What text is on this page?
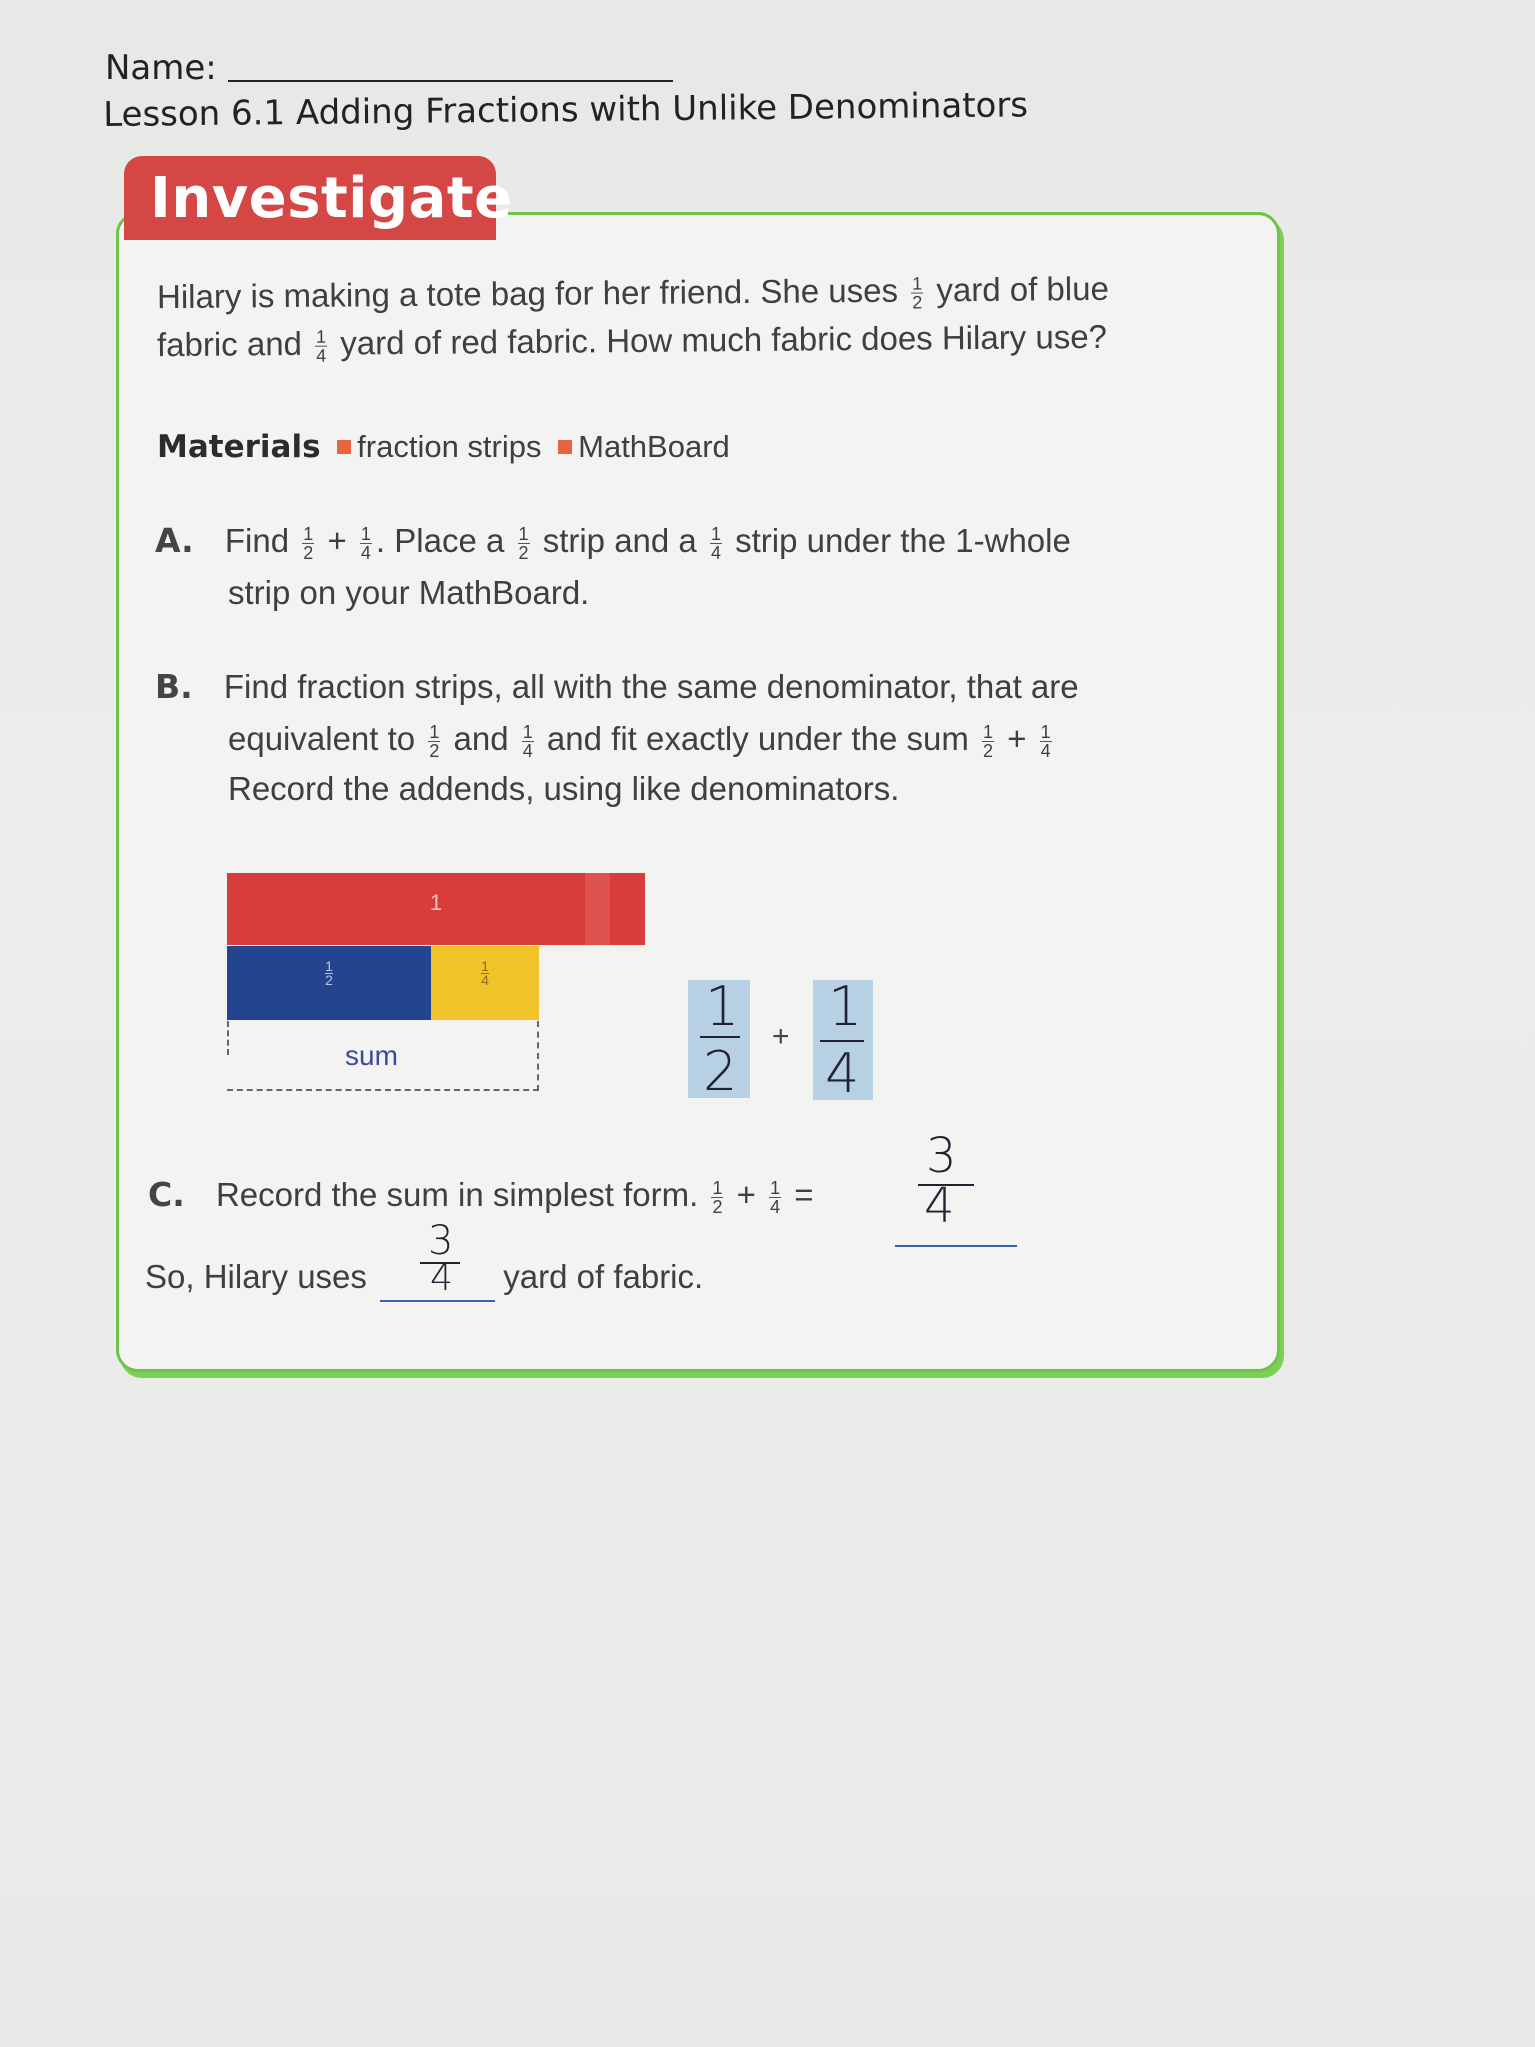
Name:
Lesson 6.1 Adding Fractions with Unlike Denominators
Investigate
Hilary is making a tote bag for her friend. She uses $\frac{1}{2}$ yard of blue
fabric and $\frac{1}{4}$ yard of red fabric. How much fabric does Hilary use?
Materials fraction strips MathBoard
A. Find $\frac{1}{2} + \frac{1}{4}$ . Place a $\frac{1}{2}$ strip and a $\frac{1}{4}$ strip under the 1-whole
strip on your MathBoard.
B. Find fraction strips, all with the same denominator, that are
equivalent to $\frac{1}{2}$ and $\frac{1}{4}$ and fit exactly under the sum $\frac{1}{2} + \frac{1}{4}$
Record the addends, using like denominators.
1
$\frac{1}{2}$	$\frac{1}{4}$
sum
1
2
+ 1
4
C. Record the sum in simplest form. $\frac{1}{2} + \frac{1}{4}$ =
3
4
So, Hilary uses	yard of fabric.
3
4
